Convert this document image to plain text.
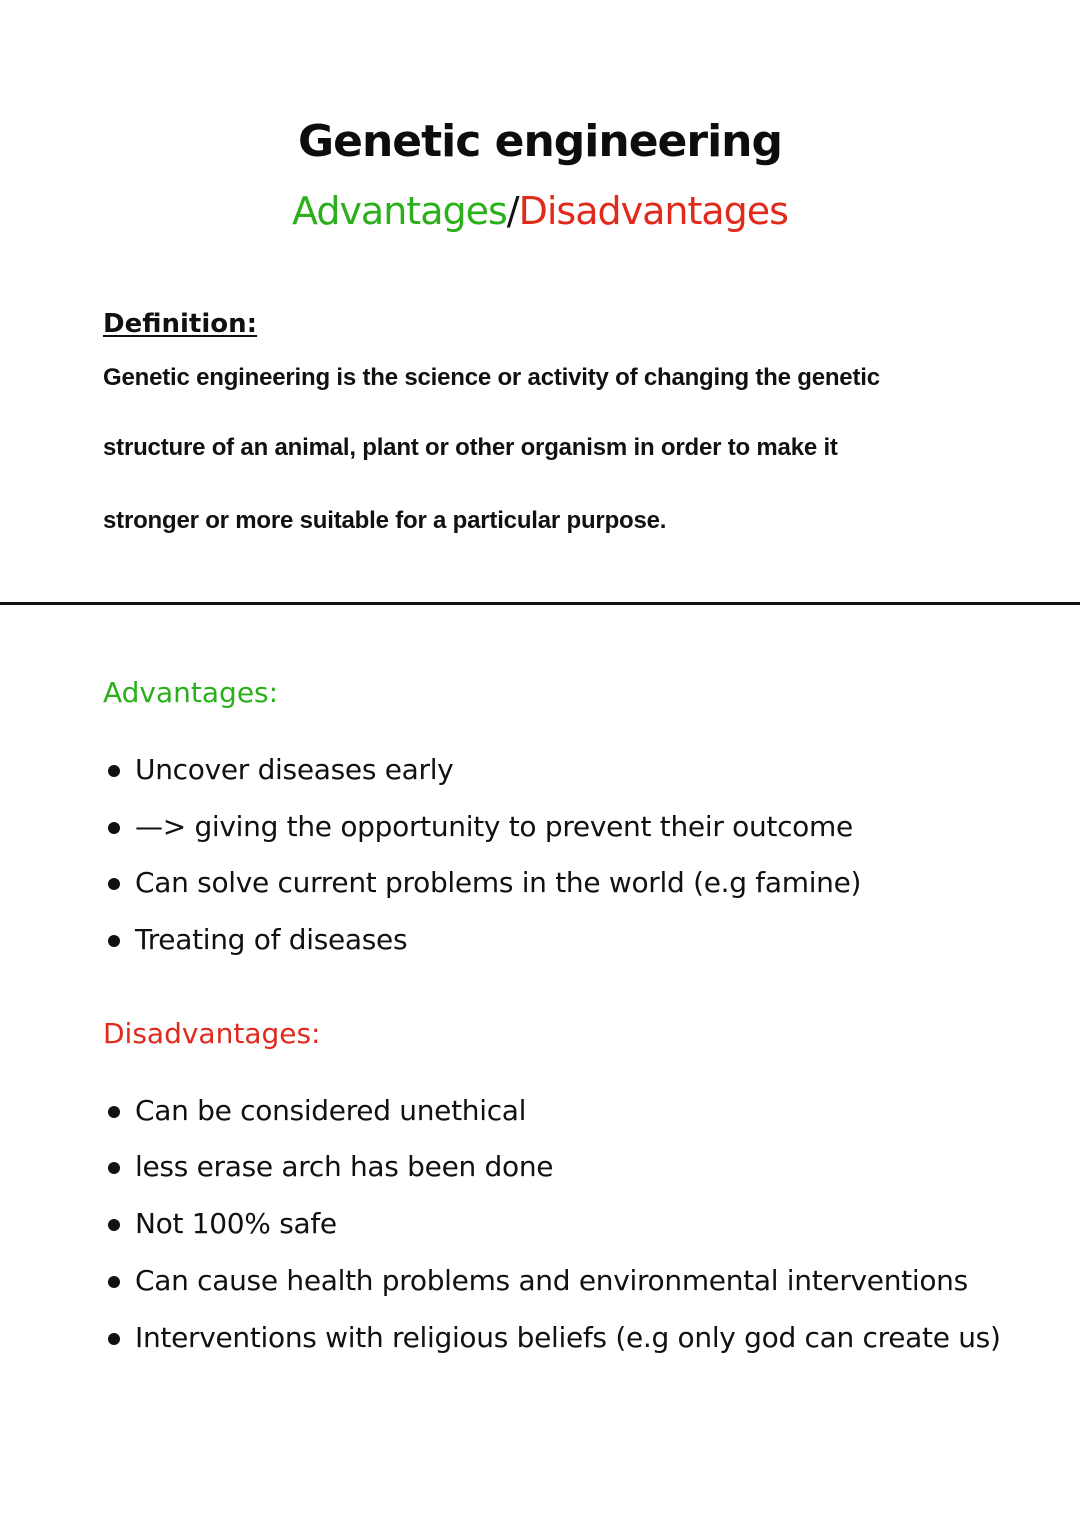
Genetic engineering
Advantages/Disadvantages
Definition:
Genetic engineering is the science or activity of changing the genetic
structure of an animal, plant or other organism in order to make it
stronger or more suitable for a particular purpose.
Advantages:
Uncover diseases early
—> giving the opportunity to prevent their outcome
Can solve current problems in the world (e.g famine)
Treating of diseases
Disadvantages:
Can be considered unethical
less erase arch has been done
Not 100% safe
Can cause health problems and environmental interventions
Interventions with religious beliefs (e.g only god can create us)
